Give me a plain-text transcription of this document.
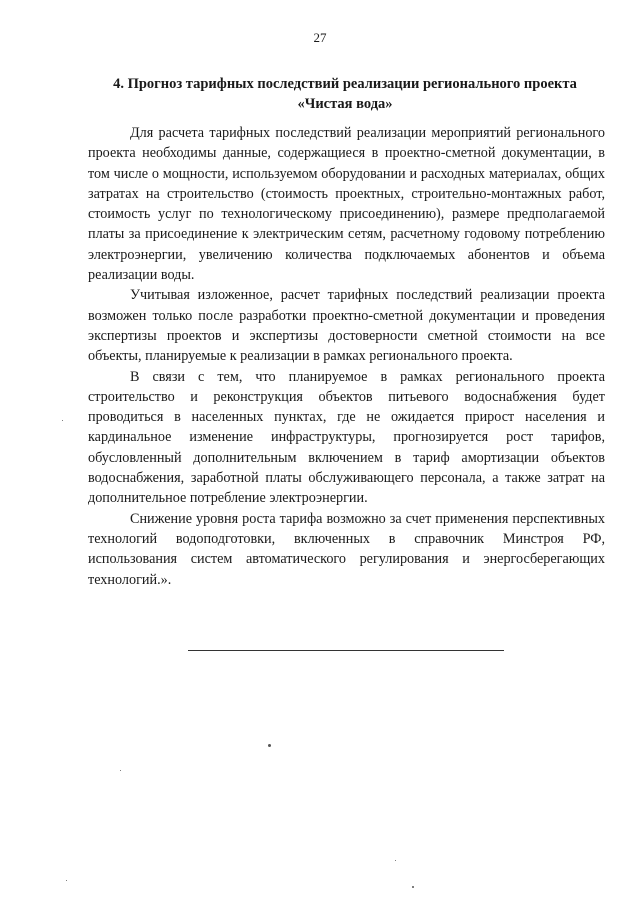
27
4. Прогноз тарифных последствий реализации регионального проекта
«Чистая вода»

Для расчета тарифных последствий реализации мероприятий регионального проекта необходимы данные, содержащиеся в проектно-сметной документации, в том числе о мощности, используемом оборудовании и расходных материалах, общих затратах на строительство (стоимость проектных, строительно-монтажных работ, стоимость услуг по технологическому присоединению), размере предполагаемой платы за присоединение к электрическим сетям, расчетному годовому потреблению электроэнергии, увеличению количества подключаемых абонентов и объема реализации воды.

Учитывая изложенное, расчет тарифных последствий реализации проекта возможен только после разработки проектно-сметной документации и проведения экспертизы проектов и экспертизы достоверности сметной стоимости на все объекты, планируемые к реализации в рамках регионального проекта.

В связи с тем, что планируемое в рамках регионального проекта строительство и реконструкция объектов питьевого водоснабжения будет проводиться в населенных пунктах, где не ожидается прирост населения и кардинальное изменение инфраструктуры, прогнозируется рост тарифов, обусловленный дополнительным включением в тариф амортизации объектов водоснабжения, заработной платы обслуживающего персонала, а также затрат на дополнительное потребление электроэнергии.

Снижение уровня роста тарифа возможно за счет применения перспективных технологий водоподготовки, включенных в справочник Минстроя РФ, использования систем автоматического регулирования и энергосберегающих технологий.».
